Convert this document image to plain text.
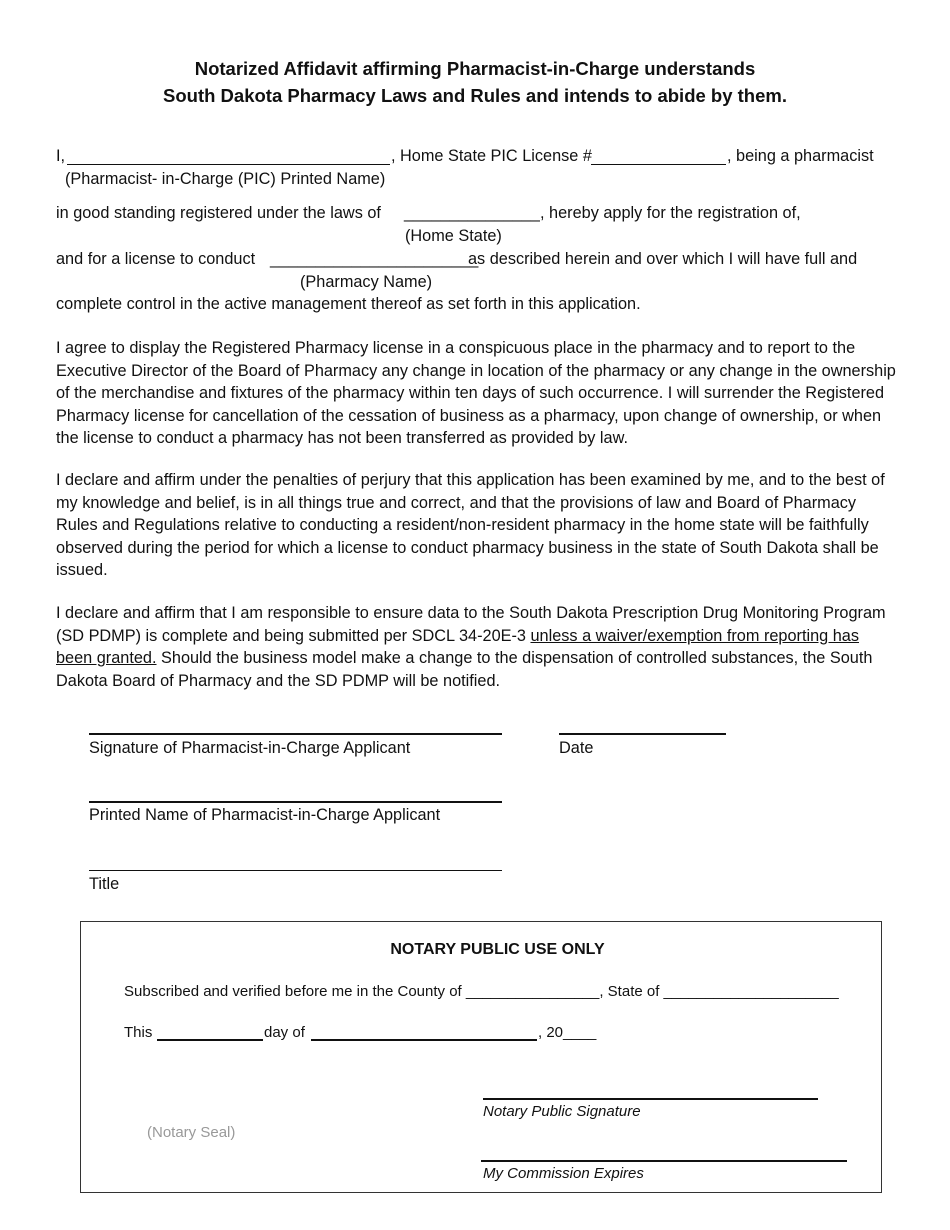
Notarized Affidavit affirming Pharmacist-in-Charge understands
South Dakota Pharmacy Laws and Rules and intends to abide by them.
I,	, Home State PIC License #	, being a pharmacist
(Pharmacist- in-Charge (PIC) Printed Name)
in good standing registered under the laws of _______________ , hereby apply for the registration of,
(Home State)
and for a license to conduct _______________________
as described herein and over which I will have full and
(Pharmacy Name)
complete control in the active management thereof as set forth in this application.
I agree to display the Registered Pharmacy license in a conspicuous place in the pharmacy and to report to the Executive Director of the Board of Pharmacy any change in location of the pharmacy or any change in the ownership of the merchandise and fixtures of the pharmacy within ten days of such occurrence. I will surrender the Registered Pharmacy license for cancellation of the cessation of business as a pharmacy, upon change of ownership, or when the license to conduct a pharmacy has not been transferred as provided by law.
I declare and affirm under the penalties of perjury that this application has been examined by me, and to the best of my knowledge and belief, is in all things true and correct, and that the provisions of law and Board of Pharmacy Rules and Regulations relative to conducting a resident/non-resident pharmacy in the home state will be faithfully observed during the period for which a license to conduct pharmacy business in the state of South Dakota shall be issued.
I declare and affirm that I am responsible to ensure data to the South Dakota Prescription Drug Monitoring Program (SD PDMP) is complete and being submitted per SDCL 34-20E-3 unless a waiver/exemption from reporting has been granted. Should the business model make a change to the dispensation of controlled substances, the South Dakota Board of Pharmacy and the SD PDMP will be notified.
Signature of Pharmacist-in-Charge Applicant	Date
Printed Name of Pharmacist-in-Charge Applicant
Title
NOTARY PUBLIC USE ONLY
Subscribed and verified before me in the County of ________________, State of _____________________
This	day of	, 20____
Notary Public Signature
(Notary Seal)
My Commission Expires
